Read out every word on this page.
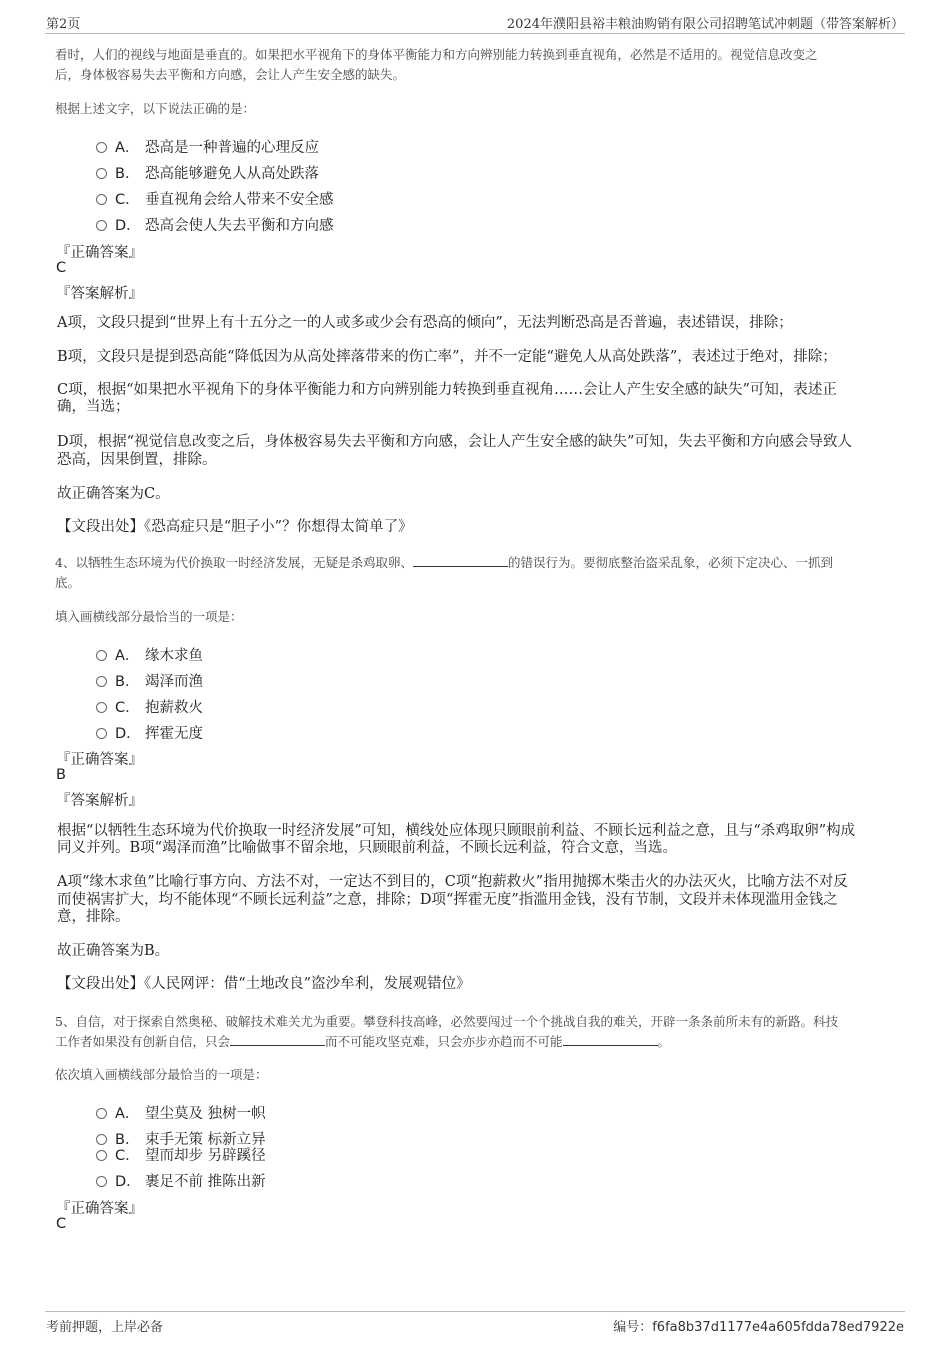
第2页	2024年濮阳县裕丰粮油购销有限公司招聘笔试冲刺题（带答案解析）
看时，人们的视线与地面是垂直的。如果把水平视角下的身体平衡能力和方向辨别能力转换到垂直视角，必然是不适用的。视觉信息改变之
后，身体极容易失去平衡和方向感，会让人产生安全感的缺失。
根据上述文字，以下说法正确的是：
A． 恐高是一种普遍的心理反应
B． 恐高能够避免人从高处跌落
C． 垂直视角会给人带来不安全感
D． 恐高会使人失去平衡和方向感
『正确答案』
C
『答案解析』
A项，文段只提到“世界上有十五分之一的人或多或少会有恐高的倾向”，无法判断恐高是否普遍，表述错误，排除；
B项，文段只是提到恐高能“降低因为从高处摔落带来的伤亡率”，并不一定能“避免人从高处跌落”，表述过于绝对，排除；
C项，根据“如果把水平视角下的身体平衡能力和方向辨别能力转换到垂直视角……会让人产生安全感的缺失”可知，表述正
确，当选；
D项，根据“视觉信息改变之后，身体极容易失去平衡和方向感，会让人产生安全感的缺失”可知，失去平衡和方向感会导致人
恐高，因果倒置，排除。
故正确答案为C。
【文段出处】《恐高症只是“胆子小”？你想得太简单了》
4、以牺牲生态环境为代价换取一时经济发展，无疑是杀鸡取卵、	的错误行为。要彻底整治盗采乱象，必须下定决心、一抓到
底。
填入画横线部分最恰当的一项是：
A． 缘木求鱼
B． 竭泽而渔
C． 抱薪救火
D． 挥霍无度
『正确答案』
B
『答案解析』
根据“以牺牲生态环境为代价换取一时经济发展”可知，横线处应体现只顾眼前利益、不顾长远利益之意，且与“杀鸡取卵”构成
同义并列。B项“竭泽而渔”比喻做事不留余地，只顾眼前利益，不顾长远利益，符合文意，当选。
A项“缘木求鱼”比喻行事方向、方法不对，一定达不到目的，C项“抱薪救火”指用抛掷木柴击火的办法灭火，比喻方法不对反
而使祸害扩大，均不能体现“不顾长远利益”之意，排除；D项“挥霍无度”指滥用金钱，没有节制，文段并未体现滥用金钱之
意，排除。
故正确答案为B。
【文段出处】《人民网评：借“土地改良”盗沙牟利，发展观错位》
5、自信，对于探索自然奥秘、破解技术难关尤为重要。攀登科技高峰，必然要闯过一个个挑战自我的难关，开辟一条条前所未有的新路。科技
工作者如果没有创新自信，只会	而不可能攻坚克难，只会亦步亦趋而不可能	。
依次填入画横线部分最恰当的一项是：
A． 望尘莫及 独树一帜
B． 束手无策 标新立异
C． 望而却步 另辟蹊径
D． 裹足不前 推陈出新
『正确答案』
C
考前押题，上岸必备	编号：f6fa8b37d1177e4a605fdda78ed7922e
